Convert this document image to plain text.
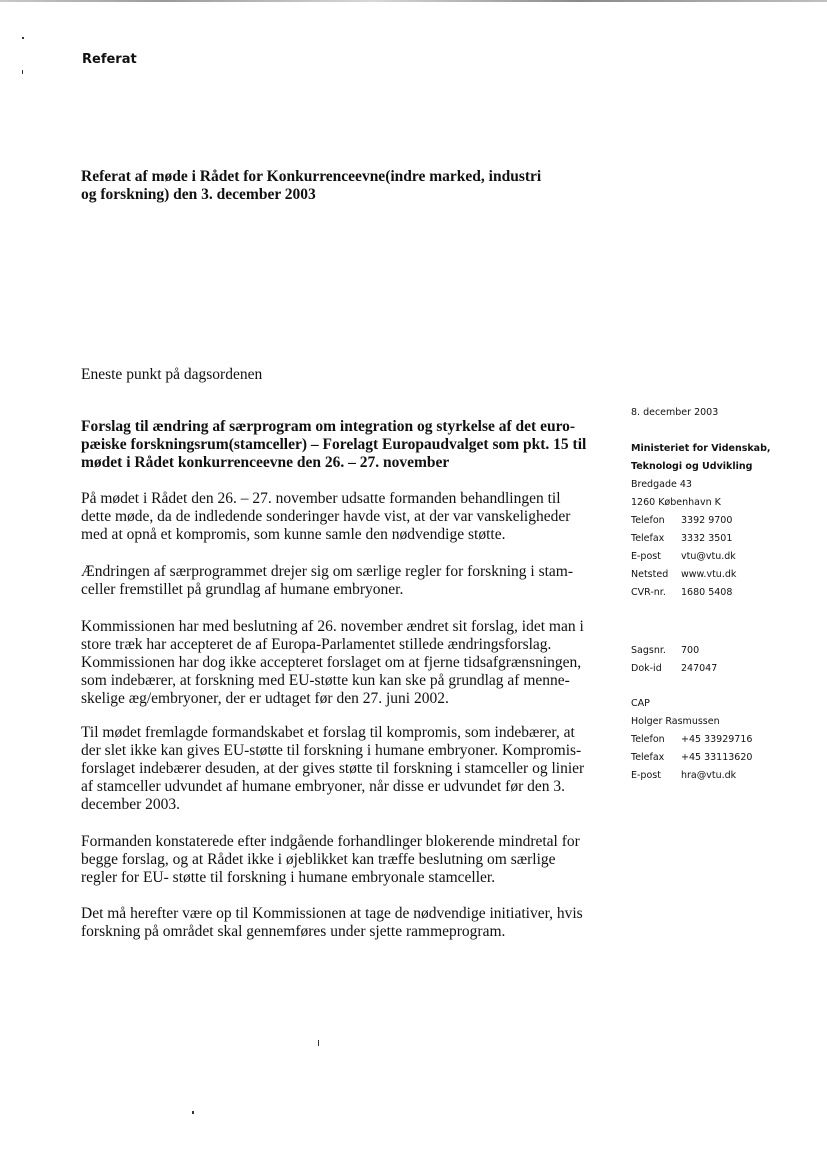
Referat
Referat af møde i Rådet for Konkurrenceevne(indre marked, industri
og forskning) den 3. december 2003
Eneste punkt på dagsordenen
Forslag til ændring af særprogram om integration og styrkelse af det euro-
pæiske forskningsrum(stamceller) – Forelagt Europaudvalget som pkt. 15 til
mødet i Rådet konkurrenceevne den 26. – 27. november
På mødet i Rådet den 26. – 27. november udsatte formanden behandlingen til
dette møde, da de indledende sonderinger havde vist, at der var vanskeligheder
med at opnå et kompromis, som kunne samle den nødvendige støtte.
Ændringen af særprogrammet drejer sig om særlige regler for forskning i stam-
celler fremstillet på grundlag af humane embryoner.
Kommissionen har med beslutning af 26. november ændret sit forslag, idet man i
store træk har accepteret de af Europa-Parlamentet stillede ændringsforslag.
Kommissionen har dog ikke accepteret forslaget om at fjerne tidsafgrænsningen,
som indebærer, at forskning med EU-støtte kun kan ske på grundlag af menne-
skelige æg/embryoner, der er udtaget før den 27. juni 2002.
Til mødet fremlagde formandskabet et forslag til kompromis, som indebærer, at
der slet ikke kan gives EU-støtte til forskning i humane embryoner. Kompromis-
forslaget indebærer desuden, at der gives støtte til forskning i stamceller og linier
af stamceller udvundet af humane embryoner, når disse er udvundet før den 3.
december 2003.
Formanden konstaterede efter indgående forhandlinger blokerende mindretal for
begge forslag, og at Rådet ikke i øjeblikket kan træffe beslutning om særlige
regler for EU- støtte til forskning i humane embryonale stamceller.
Det må herefter være op til Kommissionen at tage de nødvendige initiativer, hvis
forskning på området skal gennemføres under sjette rammeprogram.
8. december 2003
Ministeriet for Videnskab,
Teknologi og Udvikling
Bredgade 43
1260 København K
Telefon 3392 9700
Telefax 3332 3501
E-post vtu@vtu.dk
Netsted www.vtu.dk
CVR-nr. 1680 5408
Sagsnr. 700
Dok-id 247047
CAP
Holger Rasmussen
Telefon +45 33929716
Telefax +45 33113620
E-post hra@vtu.dk
